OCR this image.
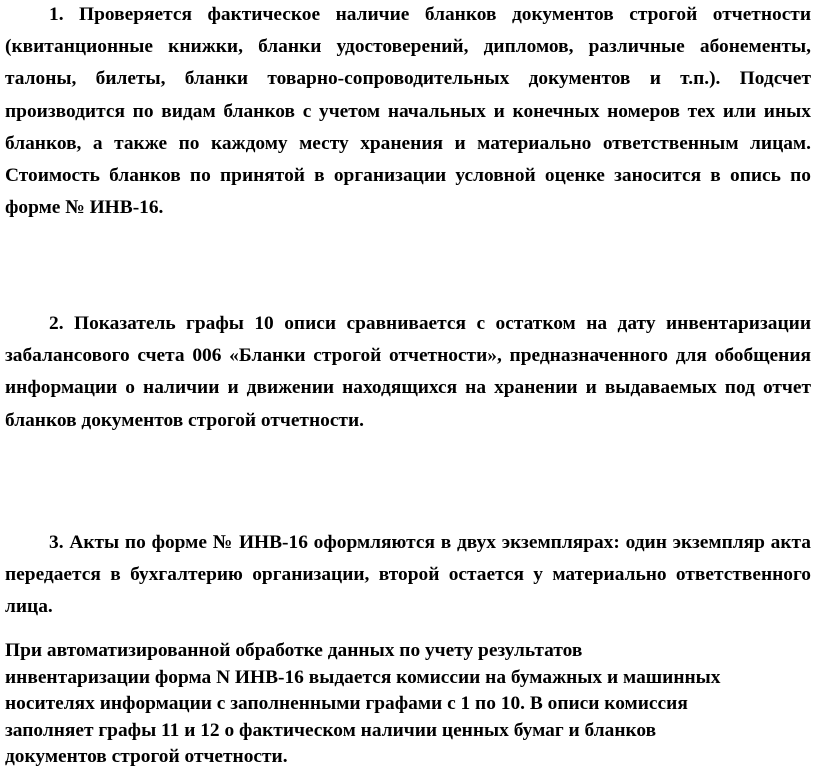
1. Проверяется фактическое наличие бланков документов строгой отчетности (квитанционные книжки, бланки удостоверений, дипломов, различные абонементы, талоны, билеты, бланки товарно-сопроводительных документов и т.п.). Подсчет производится по видам бланков с учетом начальных и конечных номеров тех или иных бланков, а также по каждому месту хранения и материально ответственным лицам. Стоимость бланков по принятой в организации условной оценке заносится в опись по форме № ИНВ-16.

2. Показатель графы 10 описи сравнивается с остатком на дату инвентаризации забалансового счета 006 «Бланки строгой отчетности», предназначенного для обобщения информации о наличии и движении находящихся на хранении и выдаваемых под отчет бланков документов строгой отчетности.

3. Акты по форме № ИНВ-16 оформляются в двух экземплярах: один экземпляр акта передается в бухгалтерию организации, второй остается у материально ответственного лица.

При автоматизированной обработке данных по учету результатов инвентаризации форма N ИНВ-16 выдается комиссии на бумажных и машинных носителях информации с заполненными графами с 1 по 10. В описи комиссия заполняет графы 11 и 12 о фактическом наличии ценных бумаг и бланков документов строгой отчетности.
